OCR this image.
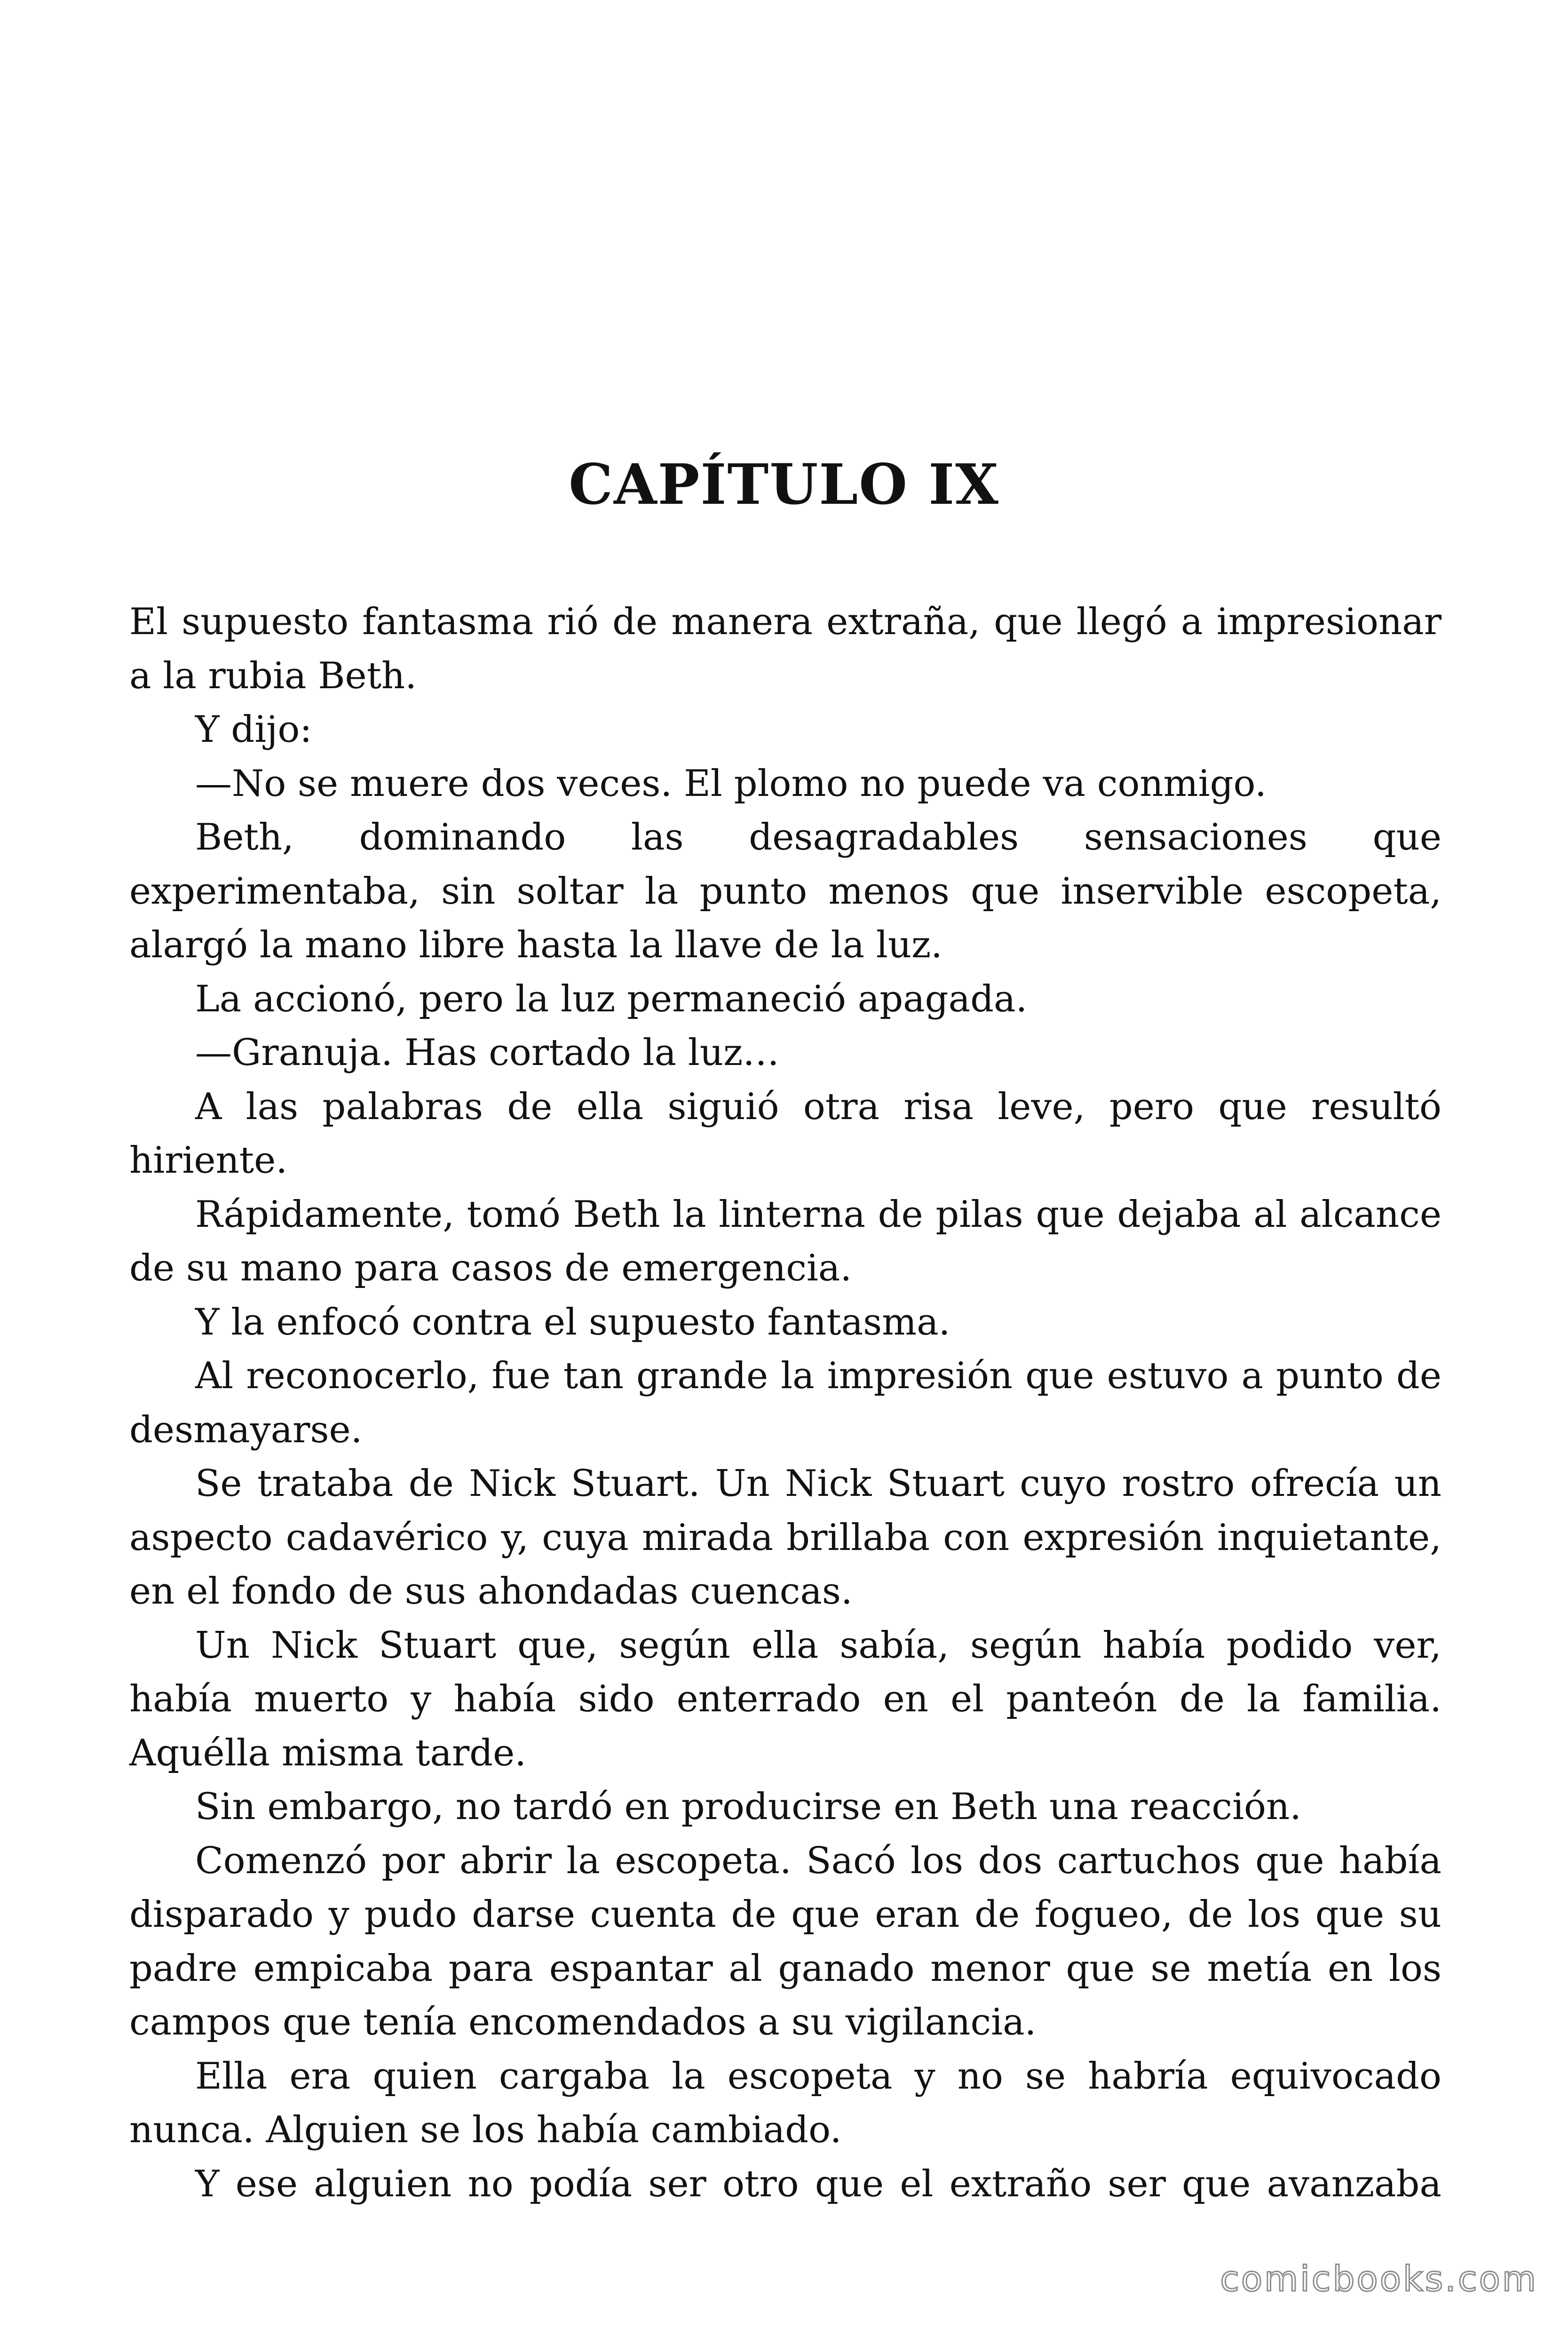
CAPÍTULO IX

El supuesto fantasma rió de manera extraña, que llegó a impresionar a la rubia Beth.

Y dijo:

—No se muere dos veces. El plomo no puede va conmigo.

Beth, dominando las desagradables sensaciones que experimentaba, sin soltar la punto menos que inservible escopeta, alargó la mano libre hasta la llave de la luz.

La accionó, pero la luz permaneció apagada.

—Granuja. Has cortado la luz…

A las palabras de ella siguió otra risa leve, pero que resultó hiriente.

Rápidamente, tomó Beth la linterna de pilas que dejaba al alcance de su mano para casos de emergencia.

Y la enfocó contra el supuesto fantasma.

Al reconocerlo, fue tan grande la impresión que estuvo a punto de desmayarse.

Se trataba de Nick Stuart. Un Nick Stuart cuyo rostro ofrecía un aspecto cadavérico y, cuya mirada brillaba con expresión inquietante, en el fondo de sus ahondadas cuencas.

Un Nick Stuart que, según ella sabía, según había podido ver, había muerto y había sido enterrado en el panteón de la familia. Aquélla misma tarde.

Sin embargo, no tardó en producirse en Beth una reacción.

Comenzó por abrir la escopeta. Sacó los dos cartuchos que había disparado y pudo darse cuenta de que eran de fogueo, de los que su padre empicaba para espantar al ganado menor que se metía en los campos que tenía encomendados a su vigilancia.

Ella era quien cargaba la escopeta y no se habría equivocado nunca. Alguien se los había cambiado.

Y ese alguien no podía ser otro que el extraño ser que avanzaba

comicbooks.com
